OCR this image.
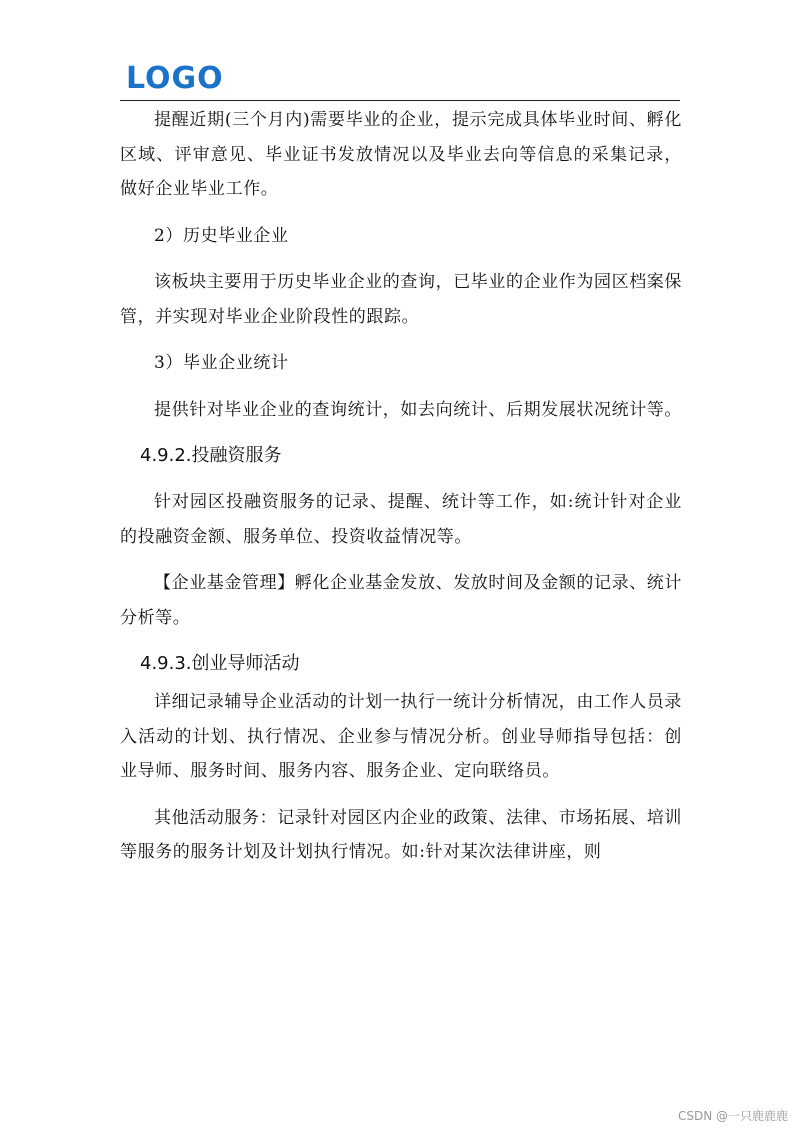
LOGO

提醒近期(三个月内)需要毕业的企业，提示完成具体毕业时间、孵化区域、评审意见、毕业证书发放情况以及毕业去向等信息的采集记录，做好企业毕业工作。

2）历史毕业企业

该板块主要用于历史毕业企业的查询，已毕业的企业作为园区档案保管，并实现对毕业企业阶段性的跟踪。

3）毕业企业统计

提供针对毕业企业的查询统计，如去向统计、后期发展状况统计等。

4.9.2.投融资服务

针对园区投融资服务的记录、提醒、统计等工作，如:统计针对企业的投融资金额、服务单位、投资收益情况等。

【企业基金管理】孵化企业基金发放、发放时间及金额的记录、统计分析等。

4.9.3.创业导师活动

详细记录辅导企业活动的计划一执行一统计分析情况，由工作人员录入活动的计划、执行情况、企业参与情况分析。创业导师指导包括：创业导师、服务时间、服务内容、服务企业、定向联络员。

其他活动服务：记录针对园区内企业的政策、法律、市场拓展、培训等服务的服务计划及计划执行情况。如:针对某次法律讲座，则

CSDN @一只鹿鹿鹿
